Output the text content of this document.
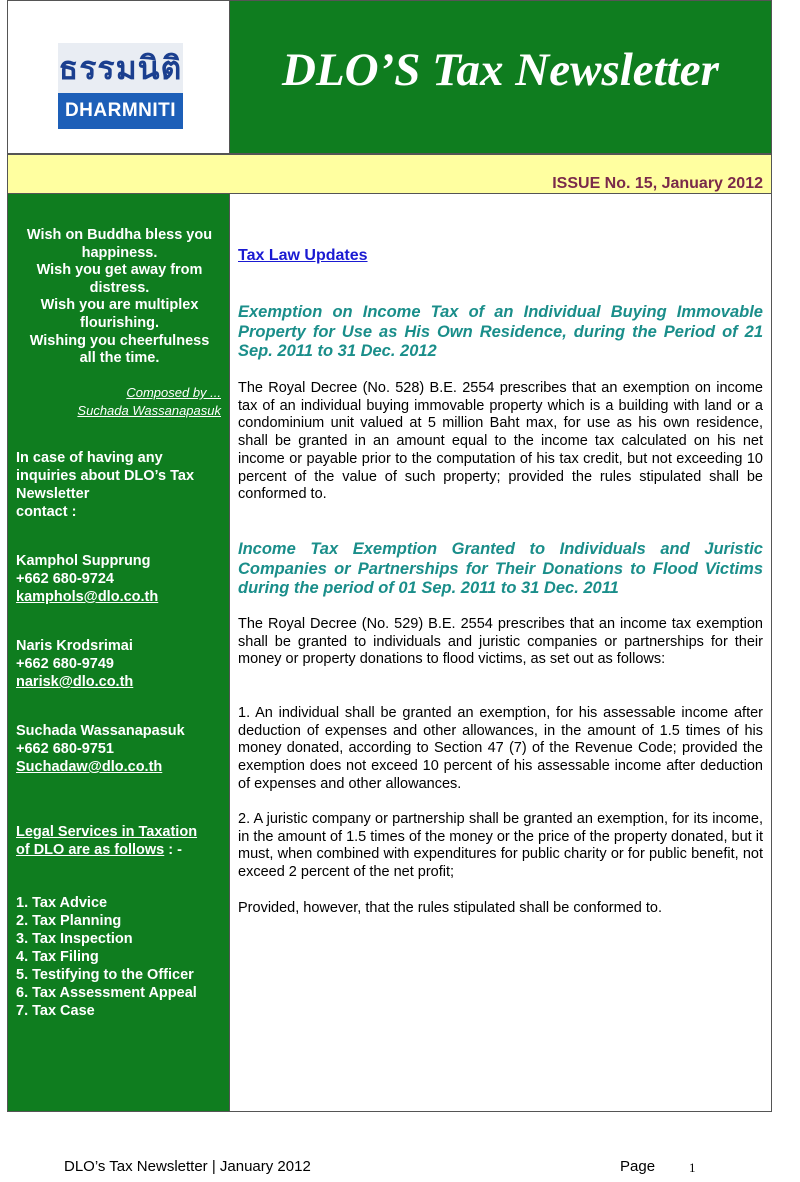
ธรรมนิติ
DHARMNITI
DLO’S Tax Newsletter
ISSUE No. 15, January 2012
Wish on Buddha bless you
happiness.
Wish you get away from
distress.
Wish you are multiplex
flourishing.
Wishing you cheerfulness
all the time.
Composed by ...
Suchada Wassanapasuk
In case of having any
inquiries about DLO’s Tax
Newsletter
contact :
Kamphol Supprung
+662 680-9724
kamphols@dlo.co.th
Naris Krodsrimai
+662 680-9749
narisk@dlo.co.th
Suchada Wassanapasuk
+662 680-9751
Suchadaw@dlo.co.th
Legal Services in Taxation
of DLO are as follows : -
1. Tax Advice
2. Tax Planning
3. Tax Inspection
4. Tax Filing
5. Testifying to the Officer
6. Tax Assessment Appeal
7. Tax Case
Tax Law Updates
Exemption on Income Tax of an Individual Buying Immovable Property for Use as His Own Residence, during the Period of 21 Sep. 2011 to 31 Dec. 2012
The Royal Decree (No. 528) B.E. 2554 prescribes that an exemption on income tax of an individual buying immovable property which is a building with land or a condominium unit valued at 5 million Baht max, for use as his own residence, shall be granted in an amount equal to the income tax calculated on his net income or payable prior to the computation of his tax credit, but not exceeding 10 percent of the value of such property; provided the rules stipulated shall be conformed to.
Income Tax Exemption Granted to Individuals and Juristic Companies or Partnerships for Their Donations to Flood Victims during the period of 01 Sep. 2011 to 31 Dec. 2011
The Royal Decree (No. 529) B.E. 2554 prescribes that an income tax exemption shall be granted to individuals and juristic companies or partnerships for their money or property donations to flood victims, as set out as follows:
1. An individual shall be granted an exemption, for his assessable income after deduction of expenses and other allowances, in the amount of 1.5 times of his money donated, according to Section 47 (7) of the Revenue Code; provided the exemption does not exceed 10 percent of his assessable income after deduction of expenses and other allowances.
2. A juristic company or partnership shall be granted an exemption, for its income, in the amount of 1.5 times of the money or the price of the property donated, but it must, when combined with expenditures for public charity or for public benefit, not exceed 2 percent of the net profit;
Provided, however, that the rules stipulated shall be conformed to.
DLO’s Tax Newsletter | January 2012	Page	1
